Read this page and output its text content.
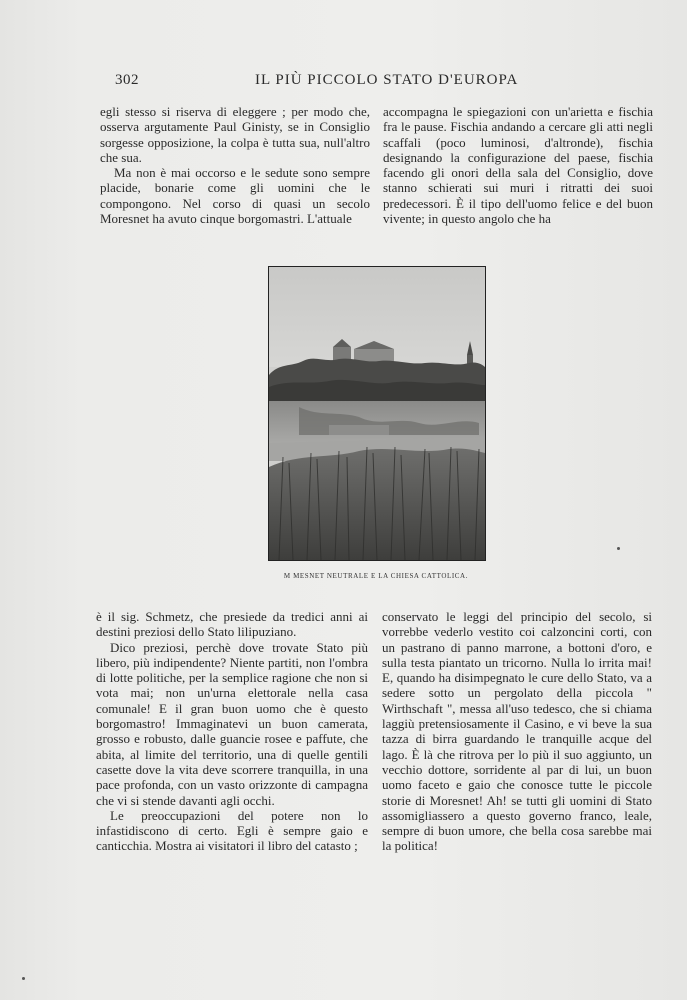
302	IL PIÙ PICCOLO STATO D'EUROPA

egli stesso si riserva di eleggere ; per modo che, osserva argutamente Paul Ginisty, se in Consiglio sorgesse opposizione, la colpa è tutta sua, null'altro che sua.

Ma non è mai occorso e le sedute sono sempre placide, bonarie come gli uomini che le compongono. Nel corso di quasi un secolo Moresnet ha avuto cinque borgomastri. L'attuale

accompagna le spiegazioni con un'arietta e fischia fra le pause. Fischia andando a cercare gli atti negli scaffali (poco luminosi, d'altronde), fischia designando la configurazione del paese, fischia facendo gli onori della sala del Consiglio, dove stanno schierati sui muri i ritratti dei suoi predecessori. È il tipo dell'uomo felice e del buon vivente; in questo angolo che ha

M MESNET NEUTRALE E LA CHIESA CATTOLICA.

è il sig. Schmetz, che presiede da tredici anni ai destini preziosi dello Stato lilipuziano.

Dico preziosi, perchè dove trovate Stato più libero, più indipendente? Niente partiti, non l'ombra di lotte politiche, per la semplice ragione che non si vota mai; non un'urna elettorale nella casa comunale! E il gran buon uomo che è questo borgomastro! Immaginatevi un buon camerata, grosso e robusto, dalle guancie rosee e paffute, che abita, al limite del territorio, una di quelle gentili casette dove la vita deve scorrere tranquilla, in una pace profonda, con un vasto orizzonte di campagna che vi si stende davanti agli occhi.

Le preoccupazioni del potere non lo infastidiscono di certo. Egli è sempre gaio e canticchia. Mostra ai visitatori il libro del catasto ;

conservato le leggi del principio del secolo, si vorrebbe vederlo vestito coi calzoncini corti, con un pastrano di panno marrone, a bottoni d'oro, e sulla testa piantato un tricorno. Nulla lo irrita mai! E, quando ha disimpegnato le cure dello Stato, va a sedere sotto un pergolato della piccola " Wirthschaft ", messa all'uso tedesco, che si chiama laggiù pretensiosamente il Casino, e vi beve la sua tazza di birra guardando le tranquille acque del lago. È là che ritrova per lo più il suo aggiunto, un vecchio dottore, sorridente al par di lui, un buon uomo faceto e gaio che conosce tutte le piccole storie di Moresnet! Ah! se tutti gli uomini di Stato assomigliassero a questo governo franco, leale, sempre di buon umore, che bella cosa sarebbe mai la politica!
